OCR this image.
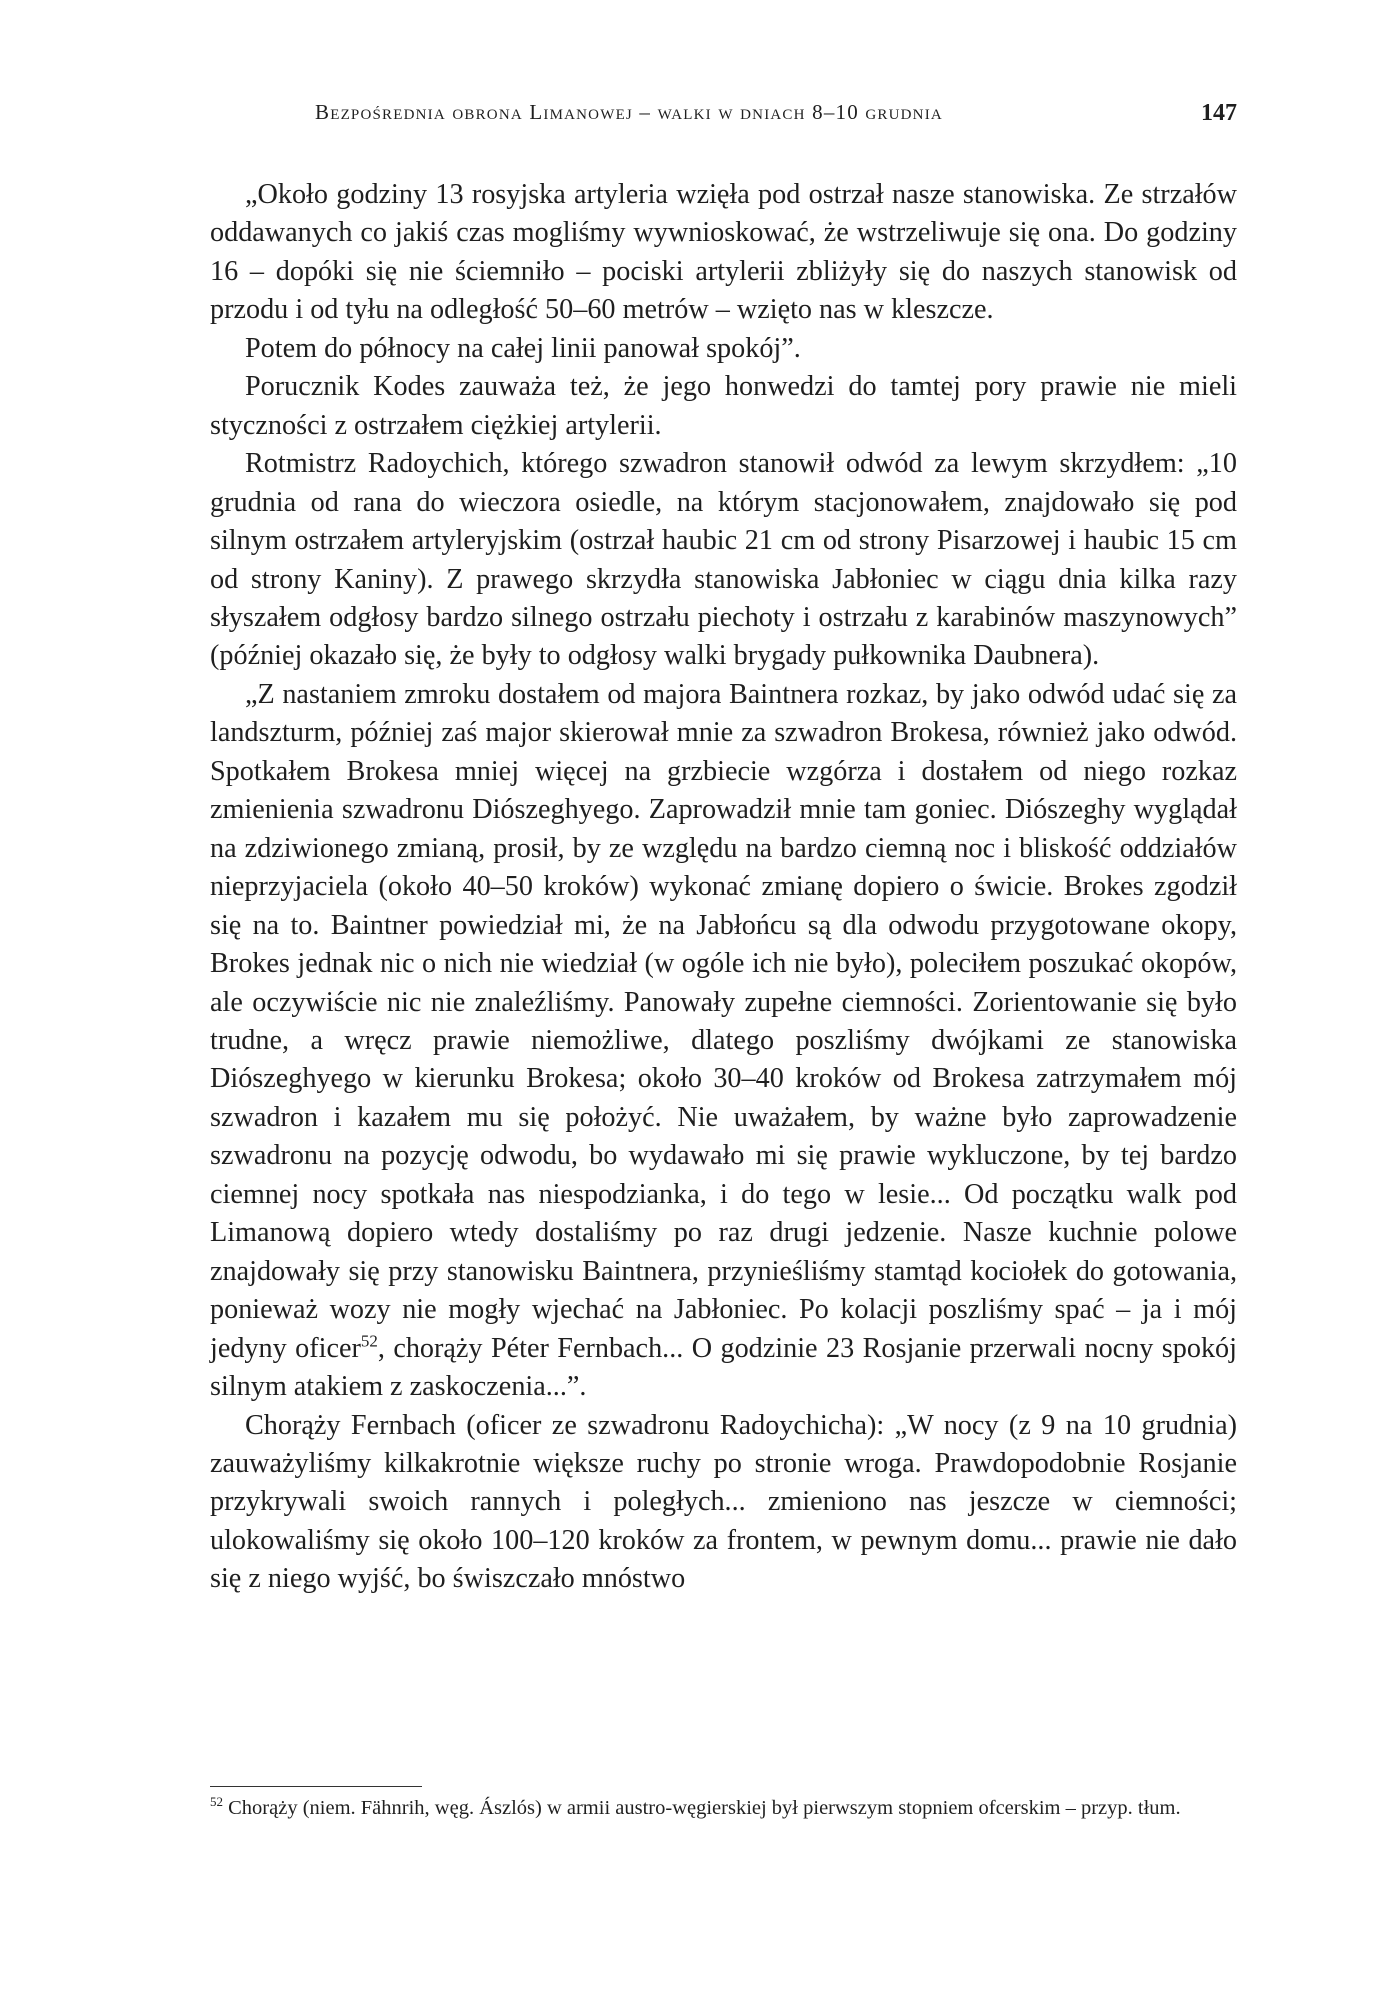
Bezpośrednia obrona Limanowej – walki w dniach 8–10 grudnia	147

„Około godziny 13 rosyjska artyleria wzięła pod ostrzał nasze stanowiska. Ze strzałów oddawanych co jakiś czas mogliśmy wywnioskować, że wstrzeliwuje się ona. Do godziny 16 – dopóki się nie ściemniło – pociski artylerii zbliżyły się do naszych stanowisk od przodu i od tyłu na odległość 50–60 metrów – wzięto nas w kleszcze.

Potem do północy na całej linii panował spokój”.

Porucznik Kodes zauważa też, że jego honwedzi do tamtej pory prawie nie mieli styczności z ostrzałem ciężkiej artylerii.

Rotmistrz Radoychich, którego szwadron stanowił odwód za lewym skrzydłem: „10 grudnia od rana do wieczora osiedle, na którym stacjonowałem, znajdowało się pod silnym ostrzałem artyleryjskim (ostrzał haubic 21 cm od strony Pisarzowej i haubic 15 cm od strony Kaniny). Z prawego skrzydła stanowiska Jabłoniec w ciągu dnia kilka razy słyszałem odgłosy bardzo silnego ostrzału piechoty i ostrzału z karabinów maszynowych” (później okazało się, że były to odgłosy walki brygady pułkownika Daubnera).

„Z nastaniem zmroku dostałem od majora Baintnera rozkaz, by jako odwód udać się za landszturm, później zaś major skierował mnie za szwadron Brokesa, również jako odwód. Spotkałem Brokesa mniej więcej na grzbiecie wzgórza i dostałem od niego rozkaz zmienienia szwadronu Diószeghyego. Zaprowadził mnie tam goniec. Diószeghy wyglądał na zdziwionego zmianą, prosił, by ze względu na bardzo ciemną noc i bliskość oddziałów nieprzyjaciela (około 40–50 kroków) wykonać zmianę dopiero o świcie. Brokes zgodził się na to. Baintner powiedział mi, że na Jabłońcu są dla odwodu przygotowane okopy, Brokes jednak nic o nich nie wiedział (w ogóle ich nie było), poleciłem poszukać okopów, ale oczywiście nic nie znaleźliśmy. Panowały zupełne ciemności. Zorientowanie się było trudne, a wręcz prawie niemożliwe, dlatego poszliśmy dwójkami ze stanowiska Diószeghyego w kierunku Brokesa; około 30–40 kroków od Brokesa zatrzymałem mój szwadron i kazałem mu się położyć. Nie uważałem, by ważne było zaprowadzenie szwadronu na pozycję odwodu, bo wydawało mi się prawie wykluczone, by tej bardzo ciemnej nocy spotkała nas niespodzianka, i do tego w lesie... Od początku walk pod Limanową dopiero wtedy dostaliśmy po raz drugi jedzenie. Nasze kuchnie polowe znajdowały się przy stanowisku Baintnera, przynieśliśmy stamtąd kociołek do gotowania, ponieważ wozy nie mogły wjechać na Jabłoniec. Po kolacji poszliśmy spać – ja i mój jedyny oficer$^{52}$, chorąży Péter Fernbach... O godzinie 23 Rosjanie przerwali nocny spokój silnym atakiem z zaskoczenia...”.

Chorąży Fernbach (oficer ze szwadronu Radoychicha): „W nocy (z 9 na 10 grudnia) zauważyliśmy kilkakrotnie większe ruchy po stronie wroga. Prawdopodobnie Rosjanie przykrywali swoich rannych i poległych... zmieniono nas jeszcze w ciemności; ulokowaliśmy się około 100–120 kroków za frontem, w pewnym domu... prawie nie dało się z niego wyjść, bo świszczało mnóstwo

$^{52}$ Chorąży (niem. Fähnrih, węg. Ászlós) w armii austro-węgierskiej był pierwszym stopniem ofcerskim – przyp. tłum.
